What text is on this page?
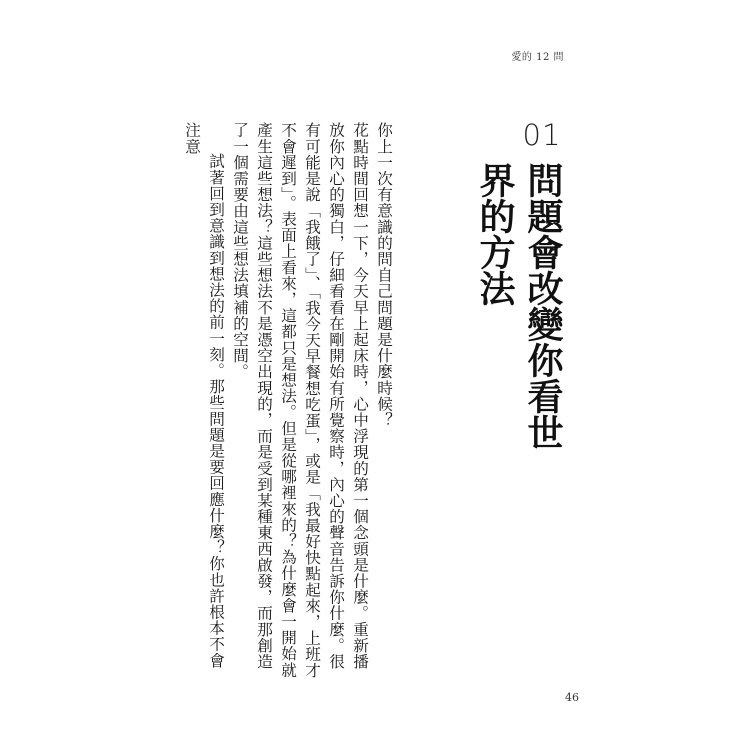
愛的 12 問
01
問題會改變你看世界的方法

你上一次有意識的問自己問題是什麼時候？

花點時間回想一下，今天早上起床時，心中浮現的第一個念頭是什麼。重新播放你內心的獨白，仔細看看在剛開始有所覺察時，內心的聲音告訴你什麼。很有可能是說「我餓了」、「我今天早餐想吃蛋」，或是「我最好快點起來，上班才不會遲到」。表面上看來，這都只是想法。但是從哪裡來的？為什麼會一開始就產生這些想法？這些想法不是憑空出現的，而是受到某種東西啟發，而那創造了一個需要由這些想法填補的空間。

試著回到意識到想法的前一刻。那些問題是要回應什麼？你也許根本不會注意

46
